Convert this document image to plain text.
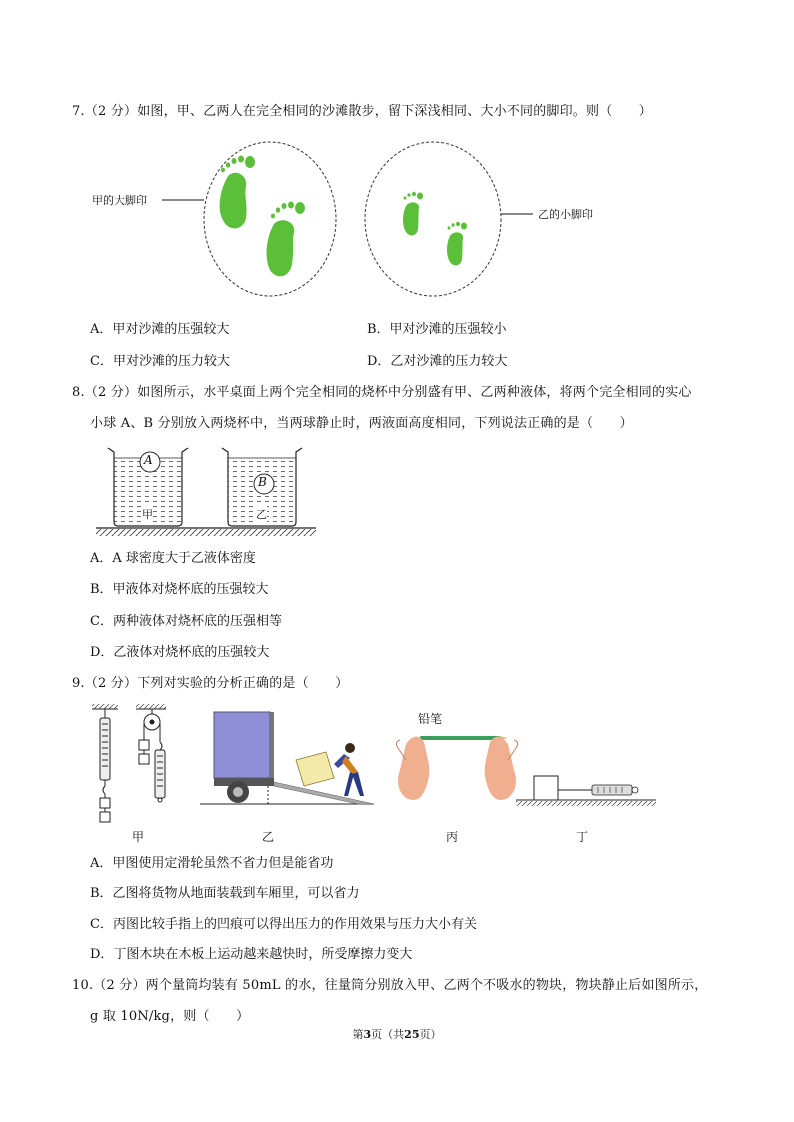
7.（2 分）如图，甲、乙两人在完全相同的沙滩散步，留下深浅相同、大小不同的脚印。则（　　）
甲的大脚印
乙的小脚印
A．甲对沙滩的压强较大	B．甲对沙滩的压强较小
C．甲对沙滩的压力较大	D．乙对沙滩的压力较大
8.（2 分）如图所示，水平桌面上两个完全相同的烧杯中分别盛有甲、乙两种液体，将两个完全相同的实心
小球 A、B 分别放入两烧杯中，当两球静止时，两液面高度相同，下列说法正确的是（　　）
A
B
甲	乙
A．A 球密度大于乙液体密度
B．甲液体对烧杯底的压强较大
C．两种液体对烧杯底的压强相等
D．乙液体对烧杯底的压强较大
9.（2 分）下列对实验的分析正确的是（　　）
铅笔
甲	乙	丙	丁
A．甲图使用定滑轮虽然不省力但是能省功
B．乙图将货物从地面装载到车厢里，可以省力
C．丙图比较手指上的凹痕可以得出压力的作用效果与压力大小有关
D．丁图木块在木板上运动越来越快时，所受摩擦力变大
10.（2 分）两个量筒均装有 50mL 的水，往量筒分别放入甲、乙两个不吸水的物块，物块静止后如图所示，
g 取 10N/kg，则（　　）
第3页（共25页）
